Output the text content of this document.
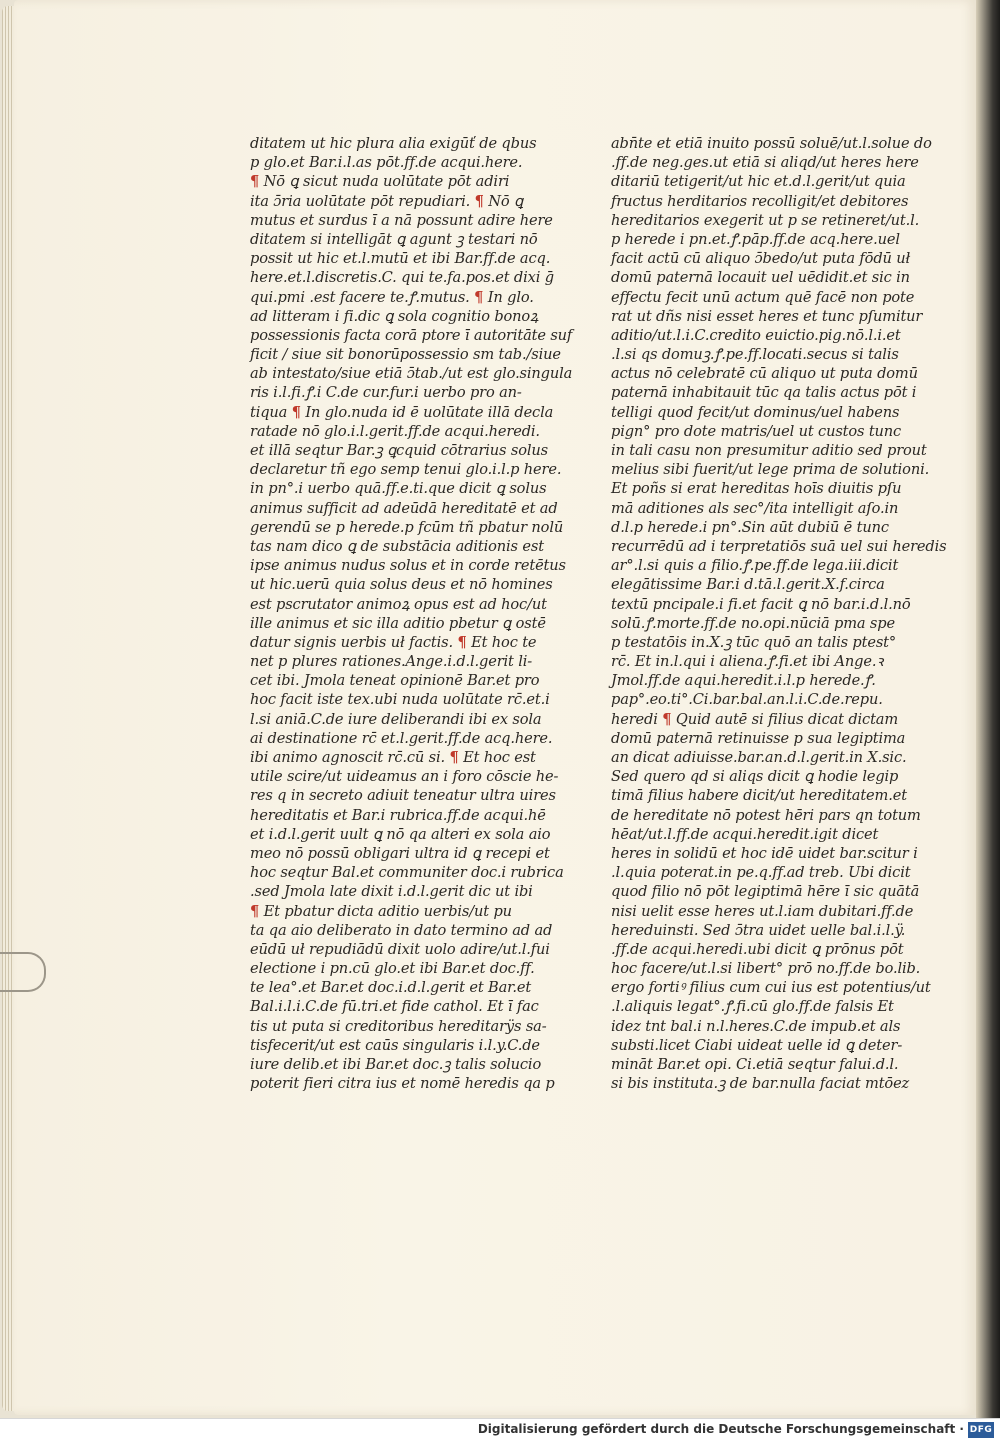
ditatem ut hic plura alia exigūť de qbus
p glo.et Bar.i.l.as pōt.ff.de acqui.here.
¶ Nō ꝗ sicut nuda uolūtate pōt adiri
ita ɔ̄ria uolūtate pōt repudiari. ¶ Nō ꝗ
mutus et surdus ī a nā possunt adire here
ditatem si intelligāt ꝗ agunt ꝫ testari nō
possit ut hic et.l.mutū et ibi Bar.ff.de acq.
here.et.l.discretis.C. qui te.fa.pos.et dixi ḡ
qui.pmi .est facere te.ꝭ.mutus. ¶ In glo.
ad litteram i fi.dic ꝗ sola cognitio bonoꝝ
possessionis facta corā ptore ī autoritāte suf
ficit / siue sit bonorūpossessio sm tab./siue
ab intestato/siue etiā ɔ̄tab./ut est glo.singula
ris i.l.fi.ꝭ.i C.de cur.fur.i uerbo pro an-
tiqua ¶ In glo.nuda id ē uolūtate illā decla
ratade nō glo.i.l.gerit.ff.de acqui.heredi.
et illā seqtur Bar.ꝫ ꝗcquid cōtrarius solus
declaretur tñ ego semp tenui glo.i.l.p here.
in pn°.i uerbo quā.ff.e.ti.que dicit ꝗ solus
animus sufficit ad adeūdā hereditatē et ad
gerendū se p herede.p fcūm tñ pbatur nolū
tas nam dico ꝗ de substācia aditionis est
ipse animus nudus solus et in corde retētus
ut hic.uerū quia solus deus et nō homines
est pscrutator animoꝝ opus est ad hoc/ut
ille animus et sic illa aditio pbetur ꝗ ostē
datur signis uerbis uł factis. ¶ Et hoc te
net p plures rationes.Ange.i.d.l.gerit li-
cet ibi. Jmola teneat opinionē Bar.et pro
hoc facit iste tex.ubi nuda uolūtate rc̄.et.i
l.si aniā.C.de iure deliberandi ibi ex sola
ai destinatione rc̄ et.l.gerit.ff.de acq.here.
ibi animo agnoscit rc̄.cū si. ¶ Et hoc est
utile scire/ut uideamus an i foro cōscie he-
res q in secreto adiuit teneatur ultra uires
hereditatis et Bar.i rubrica.ff.de acqui.hē
et i.d.l.gerit uult ꝗ nō qa alteri ex sola aio
meo nō possū obligari ultra id ꝗ recepi et
hoc seqtur Bal.et communiter doc.i rubrica
.sed Jmola late dixit i.d.l.gerit dic ut ibi
¶ Et pbatur dicta aditio uerbis/ut pu
ta qa aio deliberato in dato termino ad ad
eūdū uł repudiādū dixit uolo adire/ut.l.fui
electione i pn.cū glo.et ibi Bar.et doc.ff.
te lea°.et Bar.et doc.i.d.l.gerit et Bar.et
Bal.i.l.i.C.de fū.tri.et fide cathol. Et ī fac
tis ut puta si creditoribus hereditarÿs sa-
tisfecerit/ut est caūs singularis i.l.y.C.de
iure delib.et ibi Bar.et doc.ꝫ talis solucio
poterit fieri citra ius et nomē heredis qa p
abn̄te et etiā inuito possū soluē/ut.l.solue do
.ff.de neg.ges.ut etiā si aliqd/ut heres here
ditariū tetigerit/ut hic et.d.l.gerit/ut quia
fructus herditarios recolligit/et debitores
hereditarios exegerit ut p se retineret/ut.l.
p herede i pn.et.ꝭ.pāp.ff.de acq.here.uel
facit actū cū aliquo ɔ̄bedo/ut puta fōdū uł
domū paternā locauit uel uēdidit.et sic in
effectu fecit unū actum quē facē non pote
rat ut dñs nisi esset heres et tunc pſumitur
aditio/ut.l.i.C.credito euictio.pig.nō.l.i.et
.l.si qs domuꝫ.ꝭ.pe.ff.locati.secus si talis
actus nō celebratē cū aliquo ut puta domū
paternā inhabitauit tūc qa talis actus pōt i
telligi quod fecit/ut dominus/uel habens
pign° pro dote matris/uel ut custos tunc
in tali casu non presumitur aditio sed prout
melius sibi fuerit/ut lege prima de solutioni.
Et poñs si erat hereditas hoīs diuitis pſu
mā aditiones als sec°/ita intelligit aſo.in
d.l.p herede.i pn°.Sin aūt dubiū ē tunc
recurrēdū ad i terpretatiōs suā uel sui heredis
ar°.l.si quis a filio.ꝭ.pe.ff.de lega.iii.dicit
elegātissime Bar.i d.tā.l.gerit.X.f.circa
textū pncipale.i fi.et facit ꝗ nō bar.i.d.l.nō
solū.ꝭ.morte.ff.de no.opi.nūciā pma spe
p testatōis in.X.ꝫ tūc quō an talis ptest°
rc̄. Et in.l.qui i aliena.ꝭ.fi.et ibi Ange.ꝛ
Jmol.ff.de aqui.heredit.i.l.p herede.ꝭ.
pap°.eo.ti°.Ci.bar.bal.an.l.i.C.de.repu.
heredi ¶ Quid autē si filius dicat dictam
domū paternā retinuisse p sua legiptima
an dicat adiuisse.bar.an.d.l.gerit.in X.sic.
Sed quero qd si aliqs dicit ꝗ hodie legip
timā filius habere dicit/ut hereditatem.et
de hereditate nō potest hēri pars qn totum
hēat/ut.l.ff.de acqui.heredit.igit dicet
heres in solidū et hoc idē uidet bar.scitur i
.l.quia poterat.in pe.q.ff.ad treb. Ubi dicit
quod filio nō pōt legiptimā hēre ī sic quātā
nisi uelit esse heres ut.l.iam dubitari.ff.de
hereduinsti. Sed ɔ̄tra uidet uelle bal.i.l.ÿ.
.ff.de acqui.heredi.ubi dicit ꝗ prōnus pōt
hoc facere/ut.l.si libert° prō no.ff.de bo.lib.
ergo fortiꝰ filius cum cui ius est potentius/ut
.l.aliquis legat°.ꝭ.fi.cū glo.ff.de falsis Et
idez tnt bal.i n.l.heres.C.de impub.et als
substi.licet Ciabi uideat uelle id ꝗ deter-
mināt Bar.et opi. Ci.etiā seqtur falui.d.l.
si bis instituta.ꝫ de bar.nulla faciat mtōez
Digitalisierung gefördert durch die Deutsche Forschungsgemeinschaft · DFG
